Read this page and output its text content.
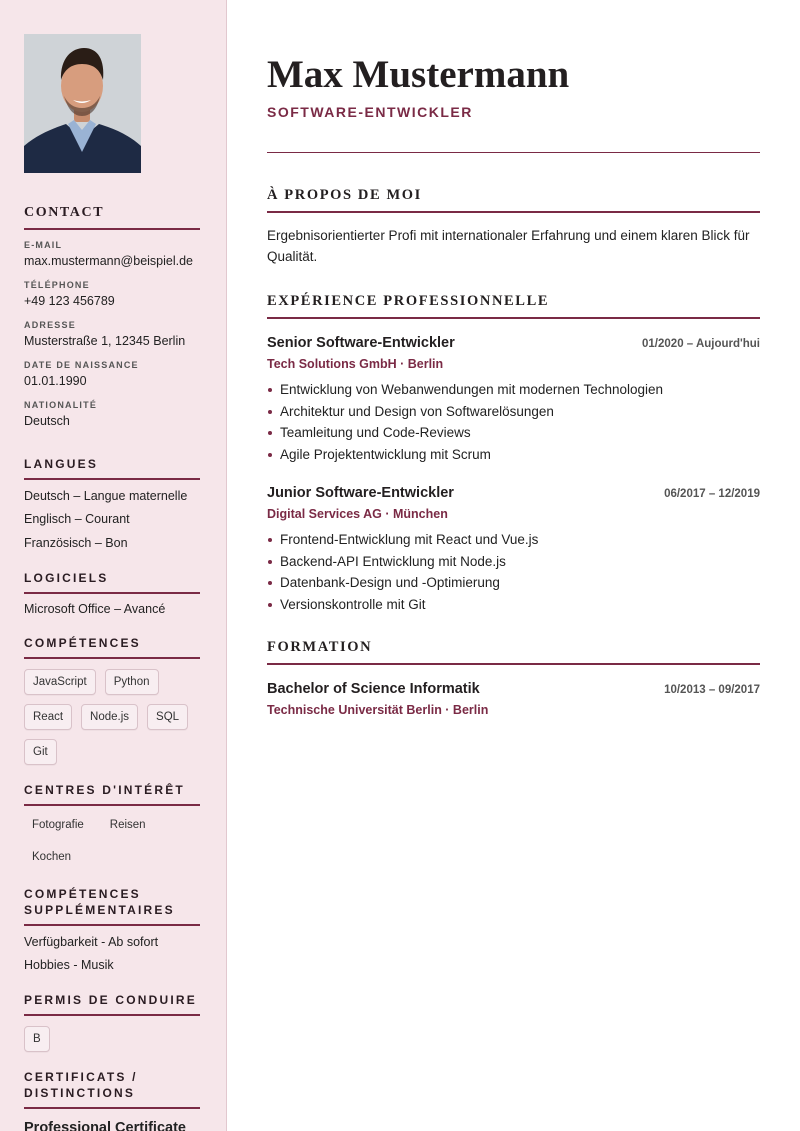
CONTACT
E-MAIL
max.mustermann@beispiel.de
TÉLÉPHONE
+49 123 456789
ADRESSE
Musterstraße 1, 12345 Berlin
DATE DE NAISSANCE
01.01.1990
NATIONALITÉ
Deutsch
LANGUES
Deutsch – Langue maternelle
Englisch – Courant
Französisch – Bon
LOGICIELS
Microsoft Office – Avancé
COMPÉTENCES
JavaScript	Python
React	Node.js	SQL
Git
CENTRES D'INTÉRÊT
Fotografie	Reisen
Kochen
COMPÉTENCES SUPPLÉMENTAIRES
Verfügbarkeit - Ab sofort
Hobbies - Musik
PERMIS DE CONDUIRE
B
CERTIFICATS / DISTINCTIONS
Professional Certificate
Max Mustermann
SOFTWARE-ENTWICKLER
À PROPOS DE MOI

Ergebnisorientierter Profi mit internationaler Erfahrung und einem klaren Blick für Qualität.

EXPÉRIENCE PROFESSIONNELLE
Senior Software-Entwickler	01/2020 – Aujourd'hui
Tech Solutions GmbH · Berlin
Entwicklung von Webanwendungen mit modernen Technologien
Architektur und Design von Softwarelösungen
Teamleitung und Code-Reviews
Agile Projektentwicklung mit Scrum
Junior Software-Entwickler	06/2017 – 12/2019
Digital Services AG · München
Frontend-Entwicklung mit React und Vue.js
Backend-API Entwicklung mit Node.js
Datenbank-Design und -Optimierung
Versionskontrolle mit Git
FORMATION
Bachelor of Science Informatik	10/2013 – 09/2017
Technische Universität Berlin · Berlin
